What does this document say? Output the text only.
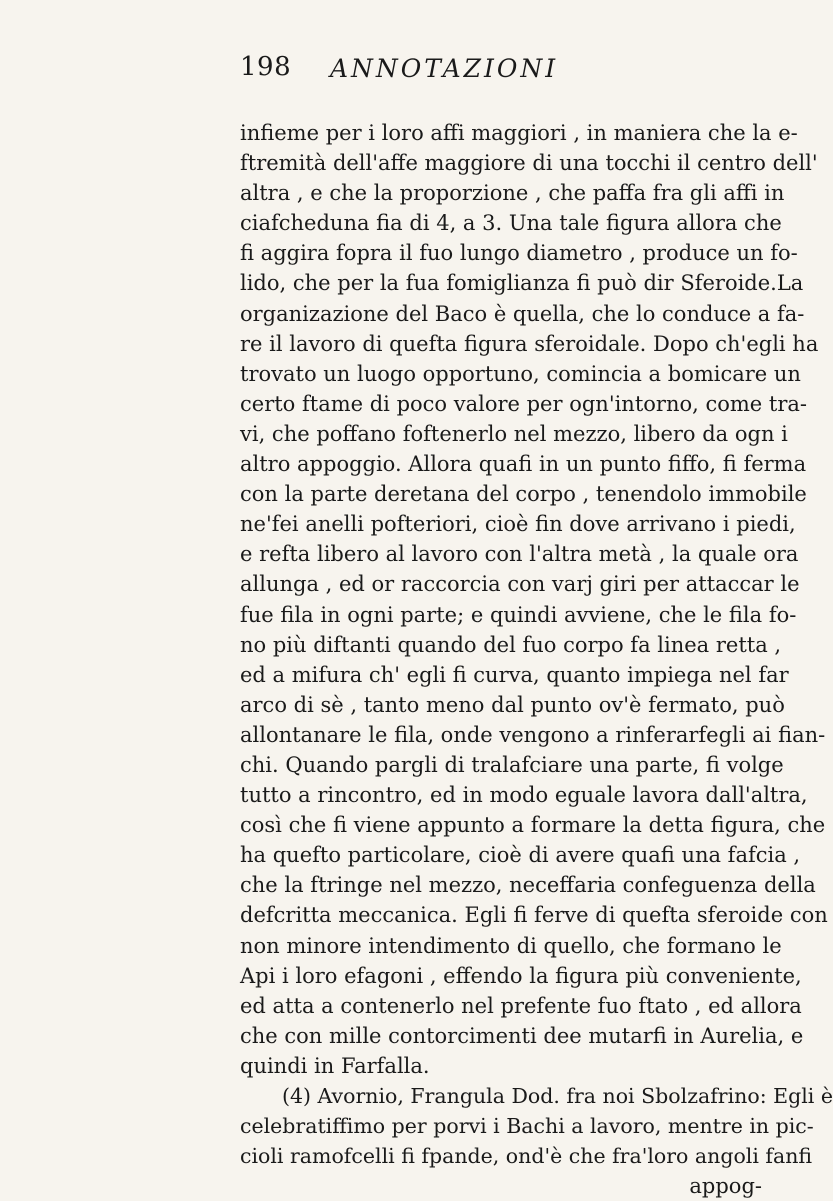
198 ANNOTAZIONI
infieme per i loro affi maggiori , in maniera che la e-
ftremità dell'affe maggiore di una tocchi il centro dell'
altra , e che la proporzione , che paffa fra gli affi in
ciafcheduna fia di 4, a 3. Una tale figura allora che
fi aggira fopra il fuo lungo diametro , produce un fo-
lido, che per la fua fomiglianza fi può dir Sferoide.La
organizazione del Baco è quella, che lo conduce a fa-
re il lavoro di quefta figura sferoidale. Dopo ch'egli ha
trovato un luogo opportuno, comincia a bomicare un
certo ftame di poco valore per ogn'intorno, come tra-
vi, che poffano foftenerlo nel mezzo, libero da ogn i
altro appoggio. Allora quafi in un punto fiffo, fi ferma
con la parte deretana del corpo , tenendolo immobile
ne'fei anelli pofteriori, cioè fin dove arrivano i piedi,
e refta libero al lavoro con l'altra metà , la quale ora
allunga , ed or raccorcia con varj giri per attaccar le
fue fila in ogni parte; e quindi avviene, che le fila fo-
no più diftanti quando del fuo corpo fa linea retta ,
ed a mifura ch' egli fi curva, quanto impiega nel far
arco di sè , tanto meno dal punto ov'è fermato, può
allontanare le fila, onde vengono a rinferarfegli ai fian-
chi. Quando pargli di tralafciare una parte, fi volge
tutto a rincontro, ed in modo eguale lavora dall'altra,
così che fi viene appunto a formare la detta figura, che
ha quefto particolare, cioè di avere quafi una fafcia ,
che la ftringe nel mezzo, neceffaria confeguenza della
defcritta meccanica. Egli fi ferve di quefta sferoide con
non minore intendimento di quello, che formano le
Api i loro efagoni , effendo la figura più conveniente,
ed atta a contenerlo nel prefente fuo ftato , ed allora
che con mille contorcimenti dee mutarfi in Aurelia, e
quindi in Farfalla.
(4) Avornio, Frangula Dod. fra noi Sbolzafrino: Egli è
celebratiffimo per porvi i Bachi a lavoro, mentre in pic-
cioli ramofcelli fi fpande, ond'è che fra'loro angoli fanfi
appog-
